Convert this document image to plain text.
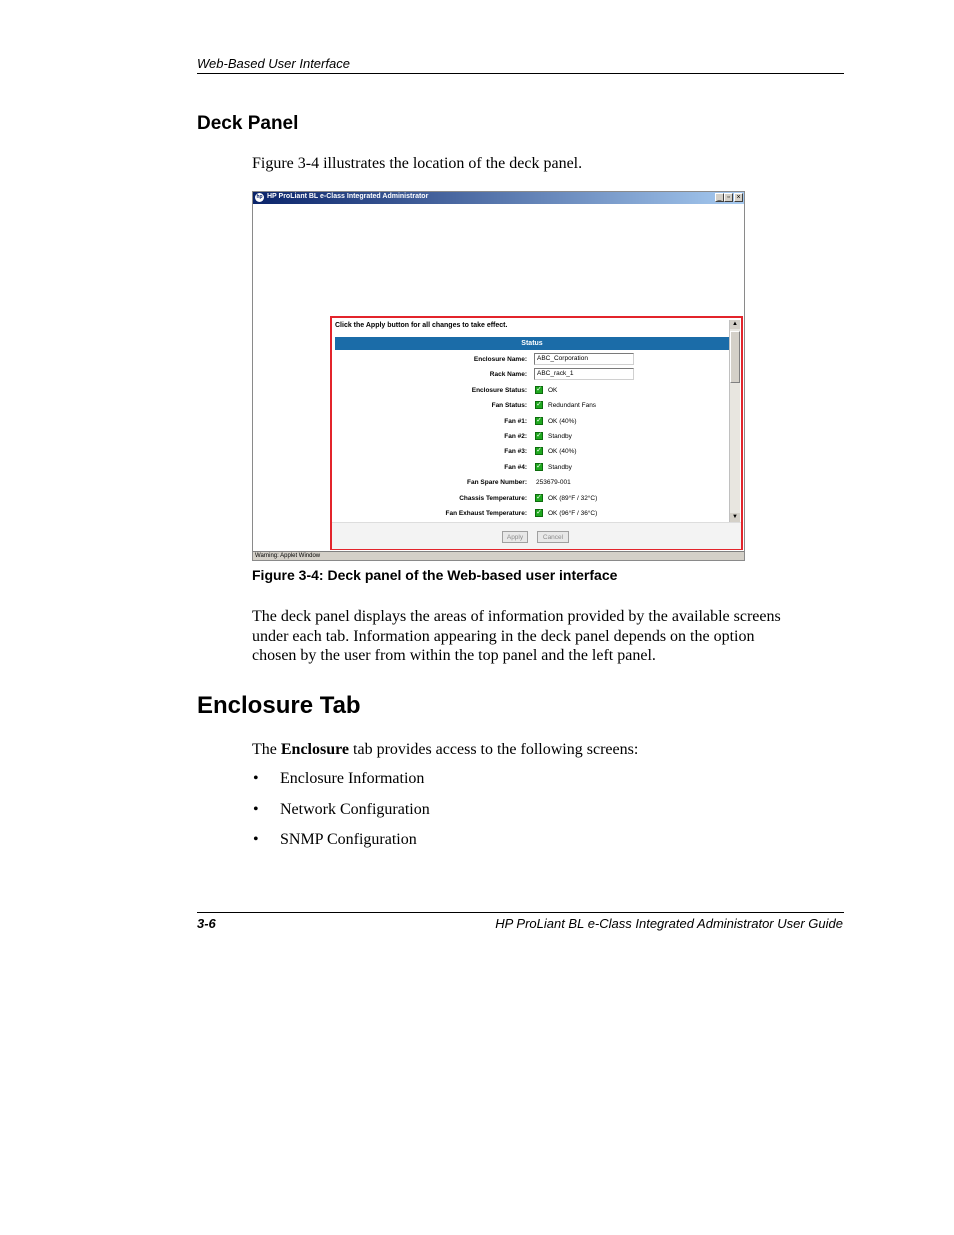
Web-Based User Interface
Deck Panel
Figure 3-4 illustrates the location of the deck panel.
hp HP ProLiant BL e-Class Integrated Administrator	_ ▫ ×
Click the Apply button for all changes to take effect.
Status
Enclosure Name:	ABC_Corporation
Rack Name:	ABC_rack_1
Enclosure Status: ✓ OK
Fan Status: ✓ Redundant Fans
Fan #1: ✓ OK (40%)
Fan #2: ✓ Standby
Fan #3: ✓ OK (40%)
Fan #4: ✓ Standby
Fan Spare Number: 253679-001
Chassis Temperature: ✓ OK (89°F / 32°C)
Fan Exhaust Temperature: ✓ OK (96°F / 36°C)
▲
▼
Apply	Cancel
Warning: Applet Window
Figure 3-4: Deck panel of the Web-based user interface
The deck panel displays the areas of information provided by the available screens
under each tab. Information appearing in the deck panel depends on the option
chosen by the user from within the top panel and the left panel.
Enclosure Tab
The Enclosure tab provides access to the following screens:
• Enclosure Information
• Network Configuration
• SNMP Configuration
3-6	HP ProLiant BL e-Class Integrated Administrator User Guide
